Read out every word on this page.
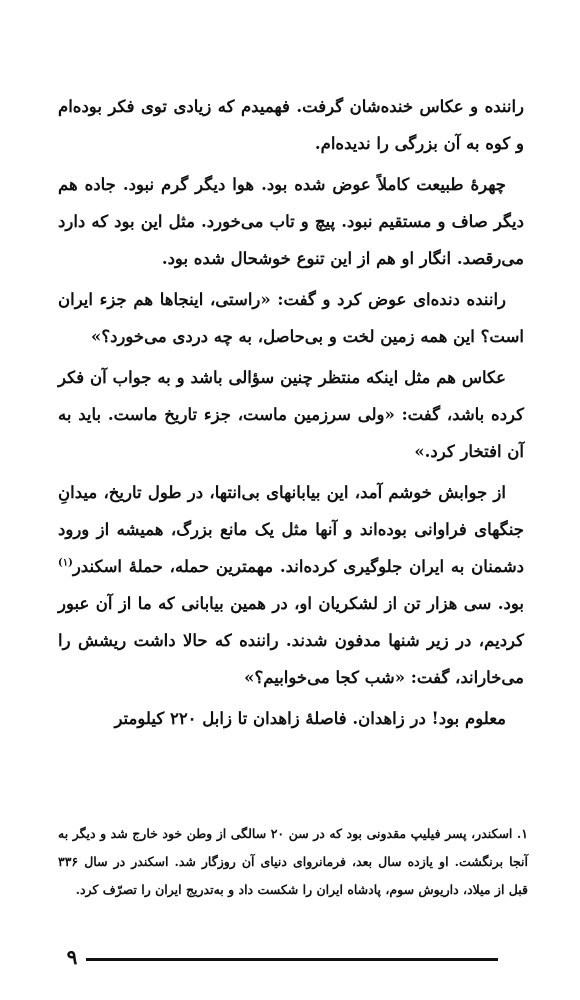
راننده و عکاس خنده‌شان گرفت. فهمیدم که زیادی توی فکر بوده‌ام و کوه به آن بزرگی را ندیده‌ام.

چهرهٔ طبیعت کاملاً عوض شده بود. هوا دیگر گرم نبود. جاده هم دیگر صاف و مستقیم نبود. پیچ و تاب می‌خورد. مثل این بود که دارد می‌رقصد. انگار او هم از این تنوع خوشحال شده بود.

راننده دنده‌ای عوض کرد و گفت: «راستی، اینجاها هم جزء ایران است؟ این همه زمین لخت و بی‌حاصل، به چه دردی می‌خورد؟»

عکاس هم مثل اینکه منتظر چنین سؤالی باشد و به جواب آن فکر کرده باشد، گفت: «ولی سرزمین ماست، جزء تاریخ ماست. باید به آن افتخار کرد.»

از جوابش خوشم آمد، این بیابانهای بی‌انتها، در طول تاریخ، میدانِ جنگهای فراوانی بوده‌اند و آنها مثل یک مانع بزرگ، همیشه از ورود دشمنان به ایران جلوگیری کرده‌اند. مهمترین حمله، حملهٔ اسکندر$^{(۱)}$ بود. سی هزار تن از لشکریان او، در همین بیابانی که ما از آن عبور کردیم، در زیر شنها مدفون شدند. راننده که حالا داشت ریشش را می‌خاراند، گفت: «شب کجا می‌خوابیم؟»

معلوم بود! در زاهدان. فاصلهٔ زاهدان تا زابل ۲۲۰ کیلومتر

۱. اسکندر، پسر فیلیپ مقدونی بود که در سن ۲۰ سالگی از وطن خود خارج شد و دیگر به آنجا برنگشت. او یازده سال بعد، فرمانروای دنیای آن روزگار شد. اسکندر در سال ۳۳۶ قبل از میلاد، داریوش سوم، پادشاه ایران را شکست داد و به‌تدریج ایران را تصرّف کرد.

۹
